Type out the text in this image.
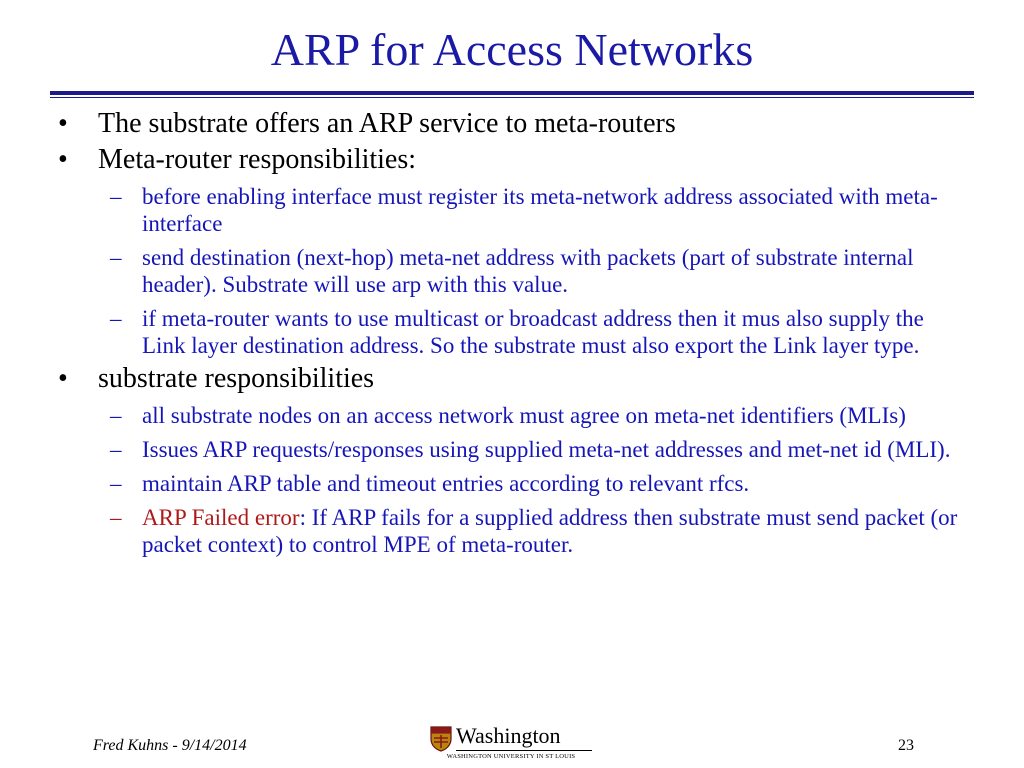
ARP for Access Networks
• The substrate offers an ARP service to meta-routers
• Meta-router responsibilities:
– before enabling interface must register its meta-network address associated with meta-interface
– send destination (next-hop) meta-net address with packets (part of substrate internal header). Substrate will use arp with this value.
– if meta-router wants to use multicast or broadcast address then it mus also supply the Link layer destination address. So the substrate must also export the Link layer type.
• substrate responsibilities
– all substrate nodes on an access network must agree on meta-net identifiers (MLIs)
– Issues ARP requests/responses using supplied meta-net addresses and met-net id (MLI).
– maintain ARP table and timeout entries according to relevant rfcs.
– ARP Failed error: If ARP fails for a supplied address then substrate must send packet (or packet context) to control MPE of meta-router.
Fred Kuhns - 9/14/2014	Washington
WASHINGTON UNIVERSITY IN ST LOUIS
23
